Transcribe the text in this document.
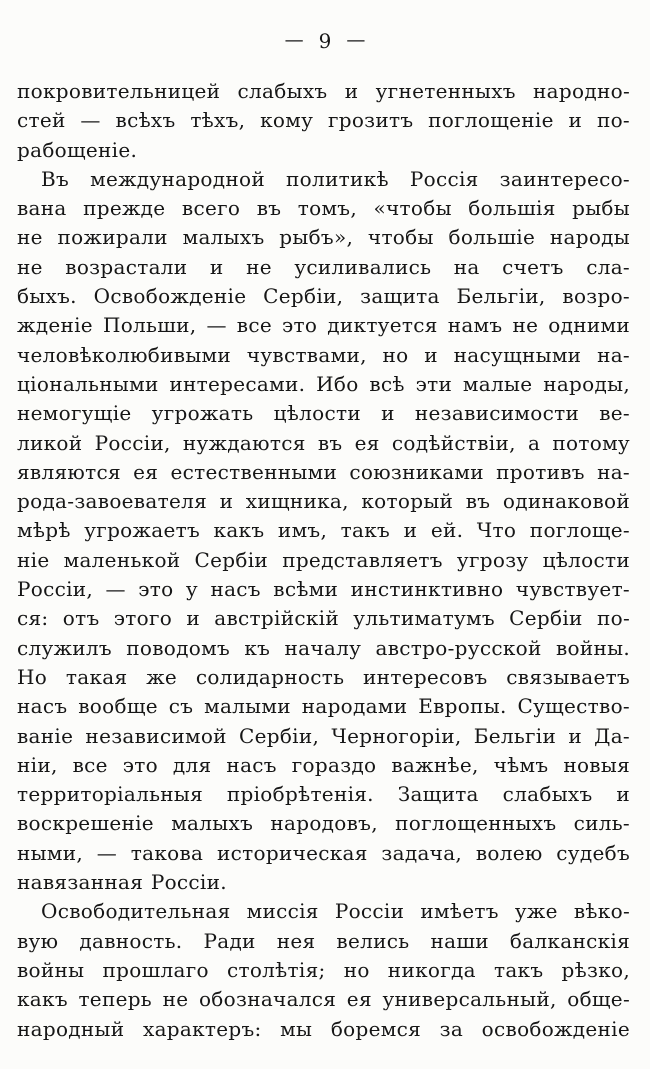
— 9 —
покровительницей слабыхъ и угнетенныхъ народно-
стей — всѣхъ тѣхъ, кому грозитъ поглощеніе и по-
рабощеніе.
Въ международной политикѣ Россія заинтересо-
вана прежде всего въ томъ, «чтобы большія рыбы
не пожирали малыхъ рыбъ», чтобы большіе народы
не возрастали и не усиливались на счетъ сла-
быхъ. Освобожденіе Сербіи, защита Бельгіи, возро-
жденіе Польши, — все это диктуется намъ не одними
человѣколюбивыми чувствами, но и насущными на-
ціональными интересами. Ибо всѣ эти малые народы,
немогущіе угрожать цѣлости и независимости ве-
ликой Россіи, нуждаются въ ея содѣйствіи, а потому
являются ея естественными союзниками противъ на-
рода-завоевателя и хищника, который въ одинаковой
мѣрѣ угрожаетъ какъ имъ, такъ и ей. Что поглоще-
ніе маленькой Сербіи представляетъ угрозу цѣлости
Россіи, — это у насъ всѣми инстинктивно чувствует-
ся: отъ этого и австрійскій ультиматумъ Сербіи по-
служилъ поводомъ къ началу австро-русской войны.
Но такая же солидарность интересовъ связываетъ
насъ вообще съ малыми народами Европы. Существо-
ваніе независимой Сербіи, Черногоріи, Бельгіи и Да-
ніи, все это для насъ гораздо важнѣе, чѣмъ новыя
территоріальныя пріобрѣтенія. Защита слабыхъ и
воскрешеніе малыхъ народовъ, поглощенныхъ силь-
ными, — такова историческая задача, волею судебъ
навязанная Россіи.
Освободительная миссія Россіи имѣетъ уже вѣко-
вую давность. Ради нея велись наши балканскія
войны прошлаго столѣтія; но никогда такъ рѣзко,
какъ теперь не обозначался ея универсальный, обще-
народный характеръ: мы боремся за освобожденіе
